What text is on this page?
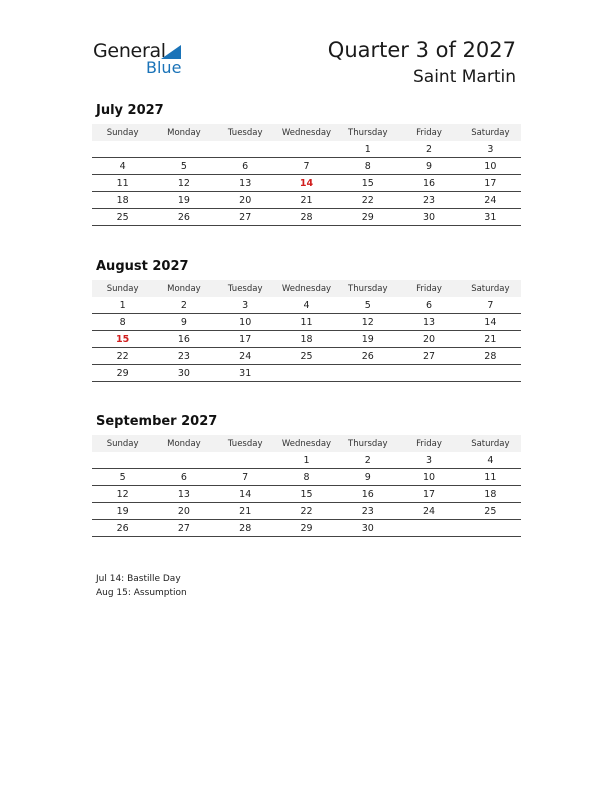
General
Blue
Quarter 3 of 2027
Saint Martin
July 2027
Sunday	Monday	Tuesday	Wednesday	Thursday	Friday	Saturday
				1	2	3
4	5	6	7	8	9	10
11	12	13	14	15	16	17
18	19	20	21	22	23	24
25	26	27	28	29	30	31
August 2027
Sunday	Monday	Tuesday	Wednesday	Thursday	Friday	Saturday
1	2	3	4	5	6	7
8	9	10	11	12	13	14
15	16	17	18	19	20	21
22	23	24	25	26	27	28
29	30	31				
September 2027
Sunday	Monday	Tuesday	Wednesday	Thursday	Friday	Saturday
			1	2	3	4
5	6	7	8	9	10	11
12	13	14	15	16	17	18
19	20	21	22	23	24	25
26	27	28	29	30		
Jul 14: Bastille Day
Aug 15: Assumption
